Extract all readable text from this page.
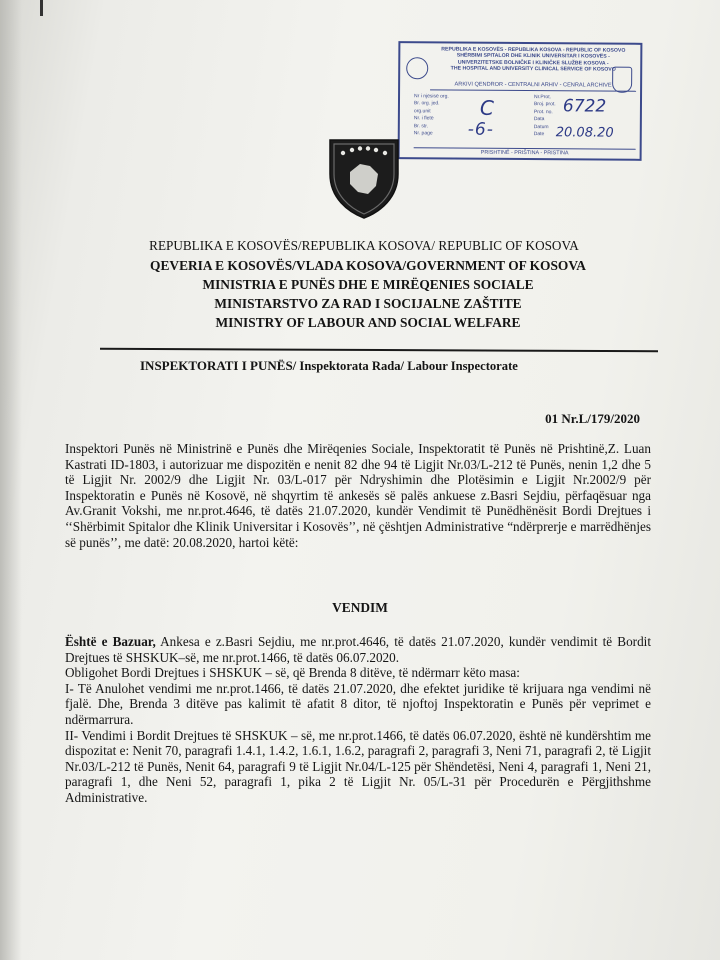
REPUBLIKA E KOSOVËS - REPUBLIKA KOSOVA - REPUBLIC OF KOSOVO
SHËRBIMI SPITALOR DHE KLINIK UNIVERSITAR I KOSOVËS -
UNIVERZITETSKE BOLNIČKE I KLINIČKE SLUŽBE KOSOVA -
THE HOSPITAL AND UNIVERSITY CLINICAL SERVICE OF KOSOVO
ARKIVI QENDROR - CENTRALNI ARHIV - CENRAL ARCHIVE
Nr i njësisë org.
Br. org. jed.
org.unit
Nr. i fletë
Br. str.
Nr. page
Nr.Prot.
Broj. prot.
Prot. no.
Data
Datum
Date
C
-6-
6722
20.08.20
PRISHTINË - PRIŠTINA - PRISTINA
REPUBLIKA E KOSOVËS/REPUBLIKA KOSOVA/ REPUBLIC OF KOSOVA
QEVERIA E KOSOVËS/VLADA KOSOVA/GOVERNMENT OF KOSOVA
MINISTRIA E PUNËS DHE E MIRËQENIES SOCIALE
MINISTARSTVO ZA RAD I SOCIJALNE ZAŠTITE
MINISTRY OF LABOUR AND SOCIAL WELFARE
INSPEKTORATI I PUNËS/ Inspektorata Rada/ Labour Inspectorate
01 Nr.L/179/2020
Inspektori Punës në Ministrinë e Punës dhe Mirëqenies Sociale, Inspektoratit të Punës në Prishtinë,Z. Luan Kastrati ID-1803, i autorizuar me dispozitën e nenit 82 dhe 94 të Ligjit Nr.03/L-212 të Punës, nenin 1,2 dhe 5 të Ligjit Nr. 2002/9 dhe Ligjit Nr. 03/L-017 për Ndryshimin dhe Plotësimin e Ligjit Nr.2002/9 për Inspektoratin e Punës në Kosovë, në shqyrtim të ankesës së palës ankuese z.Basri Sejdiu, përfaqësuar nga Av.Granit Vokshi, me nr.prot.4646, të datës 21.07.2020, kundër Vendimit të Punëdhënësit Bordi Drejtues i ‘‘Shërbimit Spitalor dhe Klinik Universitar i Kosovës’’, në çështjen Administrative “ndërprerje e marrëdhënjes së punës’’, me datë: 20.08.2020, hartoi këtë:
VENDIM
Është e Bazuar, Ankesa e z.Basri Sejdiu, me nr.prot.4646, të datës 21.07.2020, kundër vendimit të Bordit Drejtues të SHSKUK–së, me nr.prot.1466, të datës 06.07.2020.
Obligohet Bordi Drejtues i SHSKUK – së, që Brenda 8 ditëve, të ndërmarr këto masa:
I- Të Anulohet vendimi me nr.prot.1466, të datës 21.07.2020, dhe efektet juridike të krijuara nga vendimi në fjalë. Dhe, Brenda 3 ditëve pas kalimit të afatit 8 ditor, të njoftoj Inspektoratin e Punës për veprimet e ndërmarrura.
II- Vendimi i Bordit Drejtues të SHSKUK – së, me nr.prot.1466, të datës 06.07.2020, është në kundërshtim me dispozitat e: Nenit 70, paragrafi 1.4.1, 1.4.2, 1.6.1, 1.6.2, paragrafi 2, paragrafi 3, Neni 71, paragrafi 2, të Ligjit Nr.03/L-212 të Punës, Nenit 64, paragrafi 9 të Ligjit Nr.04/L-125 për Shëndetësi, Neni 4, paragrafi 1, Neni 21, paragrafi 1, dhe Neni 52, paragrafi 1, pika 2 të Ligjit Nr. 05/L-31 për Procedurën e Përgjithshme Administrative.
